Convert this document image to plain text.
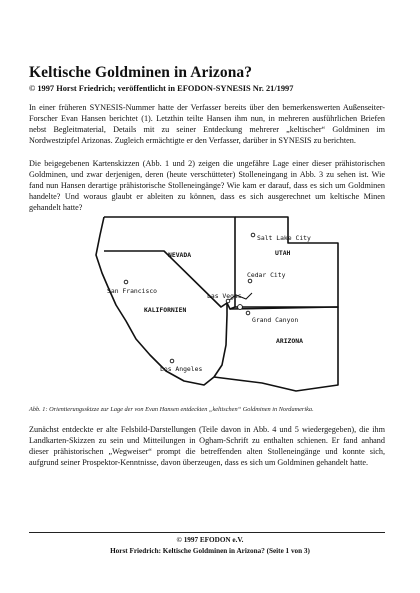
Keltische Goldminen in Arizona?

© 1997 Horst Friedrich; veröffentlicht in EFODON-SYNESIS Nr. 21/1997

In einer früheren SYNESIS-Nummer hatte der Verfasser bereits über den bemerkenswerten Außenseiter-Forscher Evan Hansen berichtet (1). Letzthin teilte Hansen ihm nun, in mehreren ausführlichen Briefen nebst Begleitmaterial, Details mit zu seiner Entdeckung mehrerer „keltischer“ Goldminen im Nordwestzipfel Arizonas. Zugleich ermächtigte er den Verfasser, darüber in SYNESIS zu berichten.

Die beigegebenen Kartenskizzen (Abb. 1 und 2) zeigen die ungefähre Lage einer dieser prähistorischen Goldminen, und zwar derjenigen, deren (heute verschütteter) Stolleneingang in Abb. 3 zu sehen ist. Wie fand nun Hansen derartige prähistorische Stolleneingänge? Wie kam er darauf, dass es sich um Goldminen handelte? Und woraus glaubt er ableiten zu können, dass es sich ausgerechnet um keltische Minen gehandelt hatte?

NEVADA	UTAH
KALIFORNIEN
ARIZONA
San Francisco
Los Angeles
Las Vegas
Salt Lake City
Cedar City
Grand Canyon

Abb. 1: Orientierungsskizze zur Lage der von Evan Hansen entdeckten „keltischen“ Goldminen in Nordamerika.

Zunächst entdeckte er alte Felsbild-Darstellungen (Teile davon in Abb. 4 und 5 wiedergegeben), die ihm Landkarten-Skizzen zu sein und Mitteilungen in Ogham-Schrift zu enthalten schienen. Er fand anhand dieser prähistorischen „Wegweiser“ prompt die betreffenden alten Stolleneingänge und konnte sich, aufgrund seiner Prospektor-Kenntnisse, davon überzeugen, dass es sich um Goldminen gehandelt hatte.

© 1997 EFODON e.V.

Horst Friedrich: Keltische Goldminen in Arizona? (Seite 1 von 3)
